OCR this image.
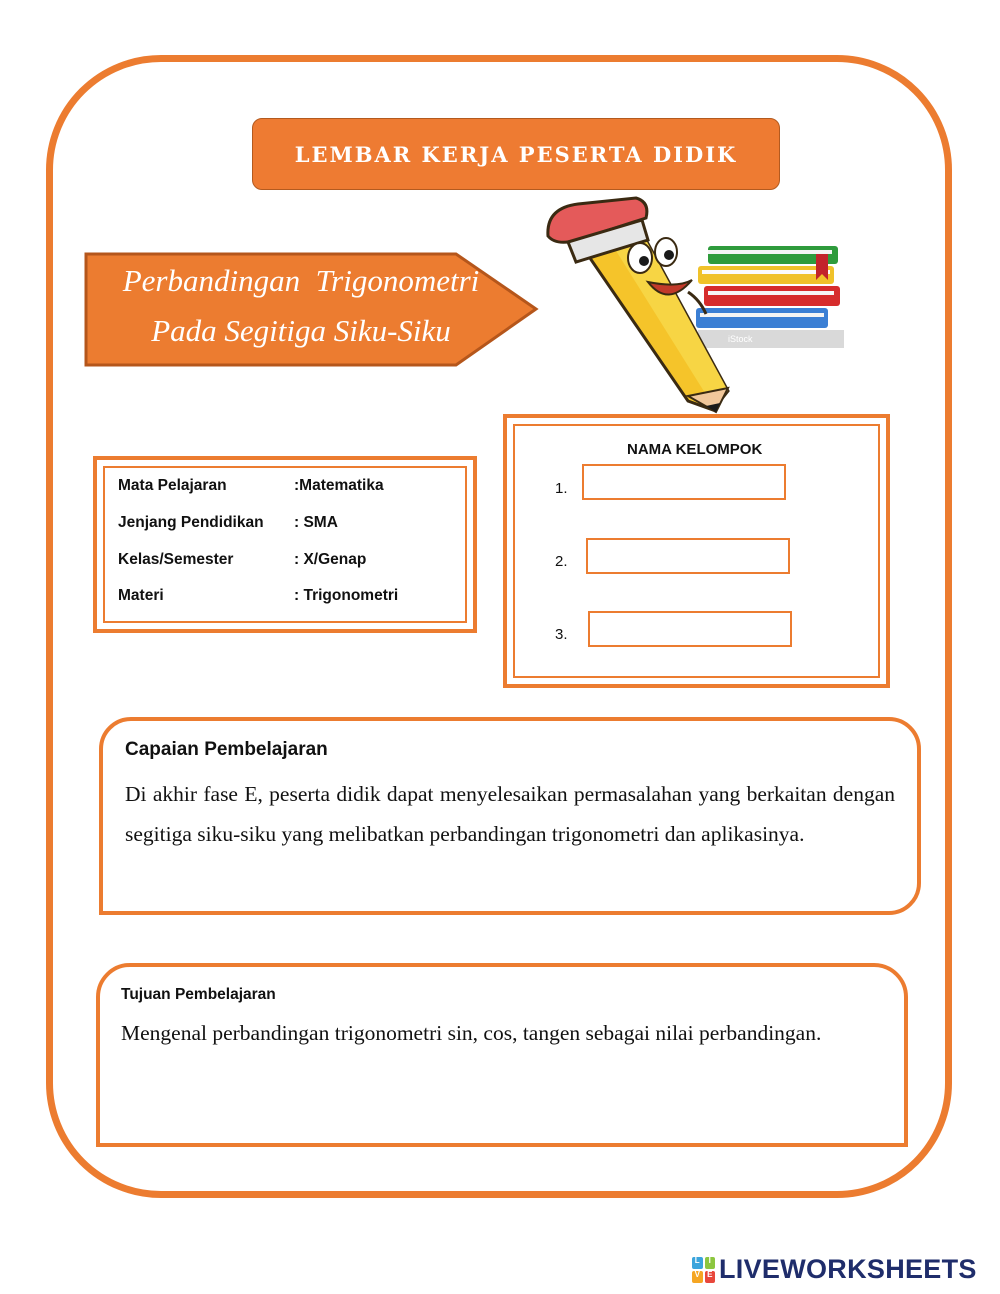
LEMBAR KERJA PESERTA DIDIK
Perbandingan  Trigonometri
Pada Segitiga Siku-Siku	iStock
Mata Pelajaran	:Matematika
Jenjang Pendidikan : SMA
Kelas/Semester	: X/Genap
Materi	: Trigonometri
NAMA KELOMPOK
1.
2.
3.
Capaian Pembelajaran
Di akhir fase E, peserta didik dapat menyelesaikan permasalahan yang berkaitan dengan segitiga siku-siku yang melibatkan perbandingan trigonometri dan aplikasinya.
Tujuan Pembelajaran
Mengenal perbandingan trigonometri sin, cos, tangen sebagai nilai perbandingan.
L	I
V E LIVEWORKSHEETS
